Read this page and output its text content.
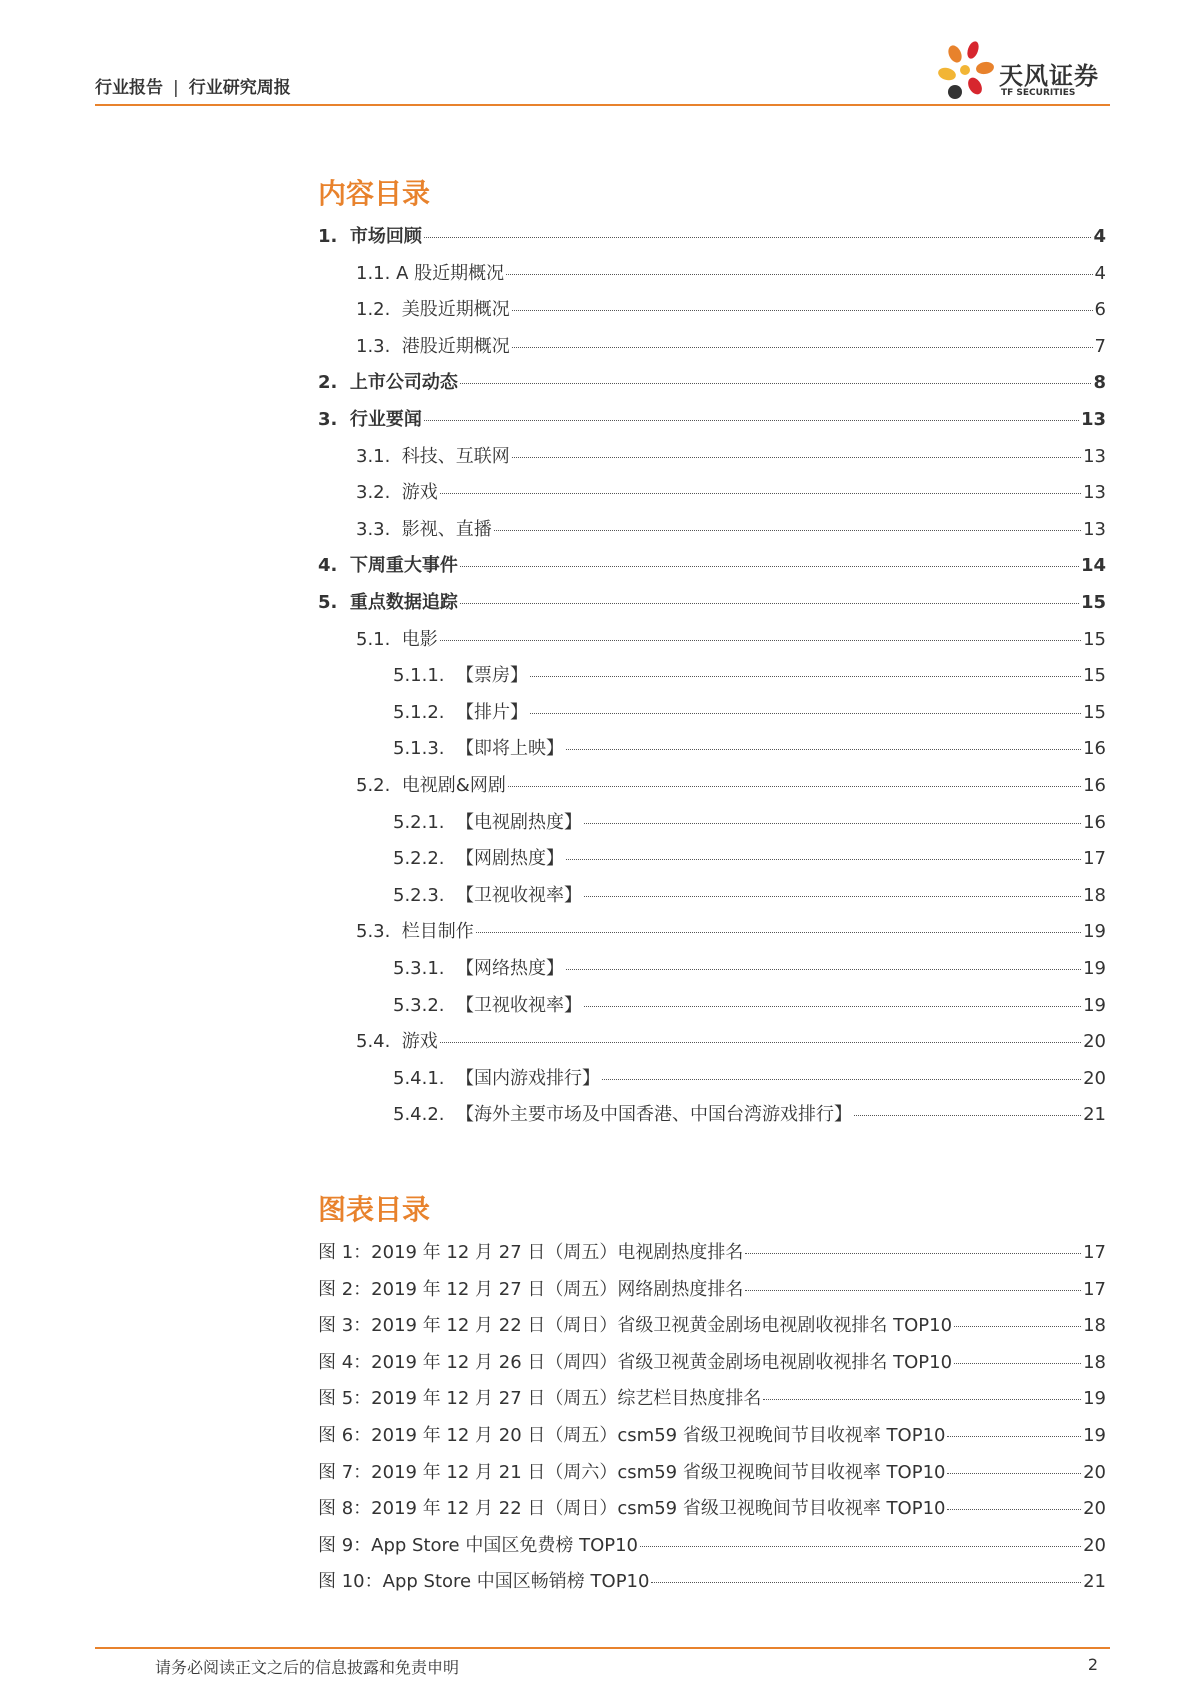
行业报告 | 行业研究周报	天风证券
TF SECURITIES
内容目录
1. 市场回顾	4
1.1. A 股近期概况	4
1.2. 美股近期概况	6
1.3. 港股近期概况	7
2. 上市公司动态	8
3. 行业要闻	13
3.1. 科技、互联网	13
3.2. 游戏	13
3.3. 影视、直播	13
4. 下周重大事件	14
5. 重点数据追踪	15
5.1. 电影	15
5.1.1. 【票房】	15
5.1.2. 【排片】	15
5.1.3. 【即将上映】	16
5.2. 电视剧&网剧	16
5.2.1. 【电视剧热度】	16
5.2.2. 【网剧热度】	17
5.2.3. 【卫视收视率】	18
5.3. 栏目制作	19
5.3.1. 【网络热度】	19
5.3.2. 【卫视收视率】	19
5.4. 游戏	20
5.4.1. 【国内游戏排行】	20
5.4.2. 【海外主要市场及中国香港、中国台湾游戏排行】	21
图表目录
图 1：2019 年 12 月 27 日（周五）电视剧热度排名	17
图 2：2019 年 12 月 27 日（周五）网络剧热度排名	17
图 3：2019 年 12 月 22 日（周日）省级卫视黄金剧场电视剧收视排名 TOP10	18
图 4：2019 年 12 月 26 日（周四）省级卫视黄金剧场电视剧收视排名 TOP10	18
图 5：2019 年 12 月 27 日（周五）综艺栏目热度排名	19
图 6：2019 年 12 月 20 日（周五）csm59 省级卫视晚间节目收视率 TOP10	19
图 7：2019 年 12 月 21 日（周六）csm59 省级卫视晚间节目收视率 TOP10	20
图 8：2019 年 12 月 22 日（周日）csm59 省级卫视晚间节目收视率 TOP10	20
图 9：App Store 中国区免费榜 TOP10	20
图 10：App Store 中国区畅销榜 TOP10	21
请务必阅读正文之后的信息披露和免责申明	2
